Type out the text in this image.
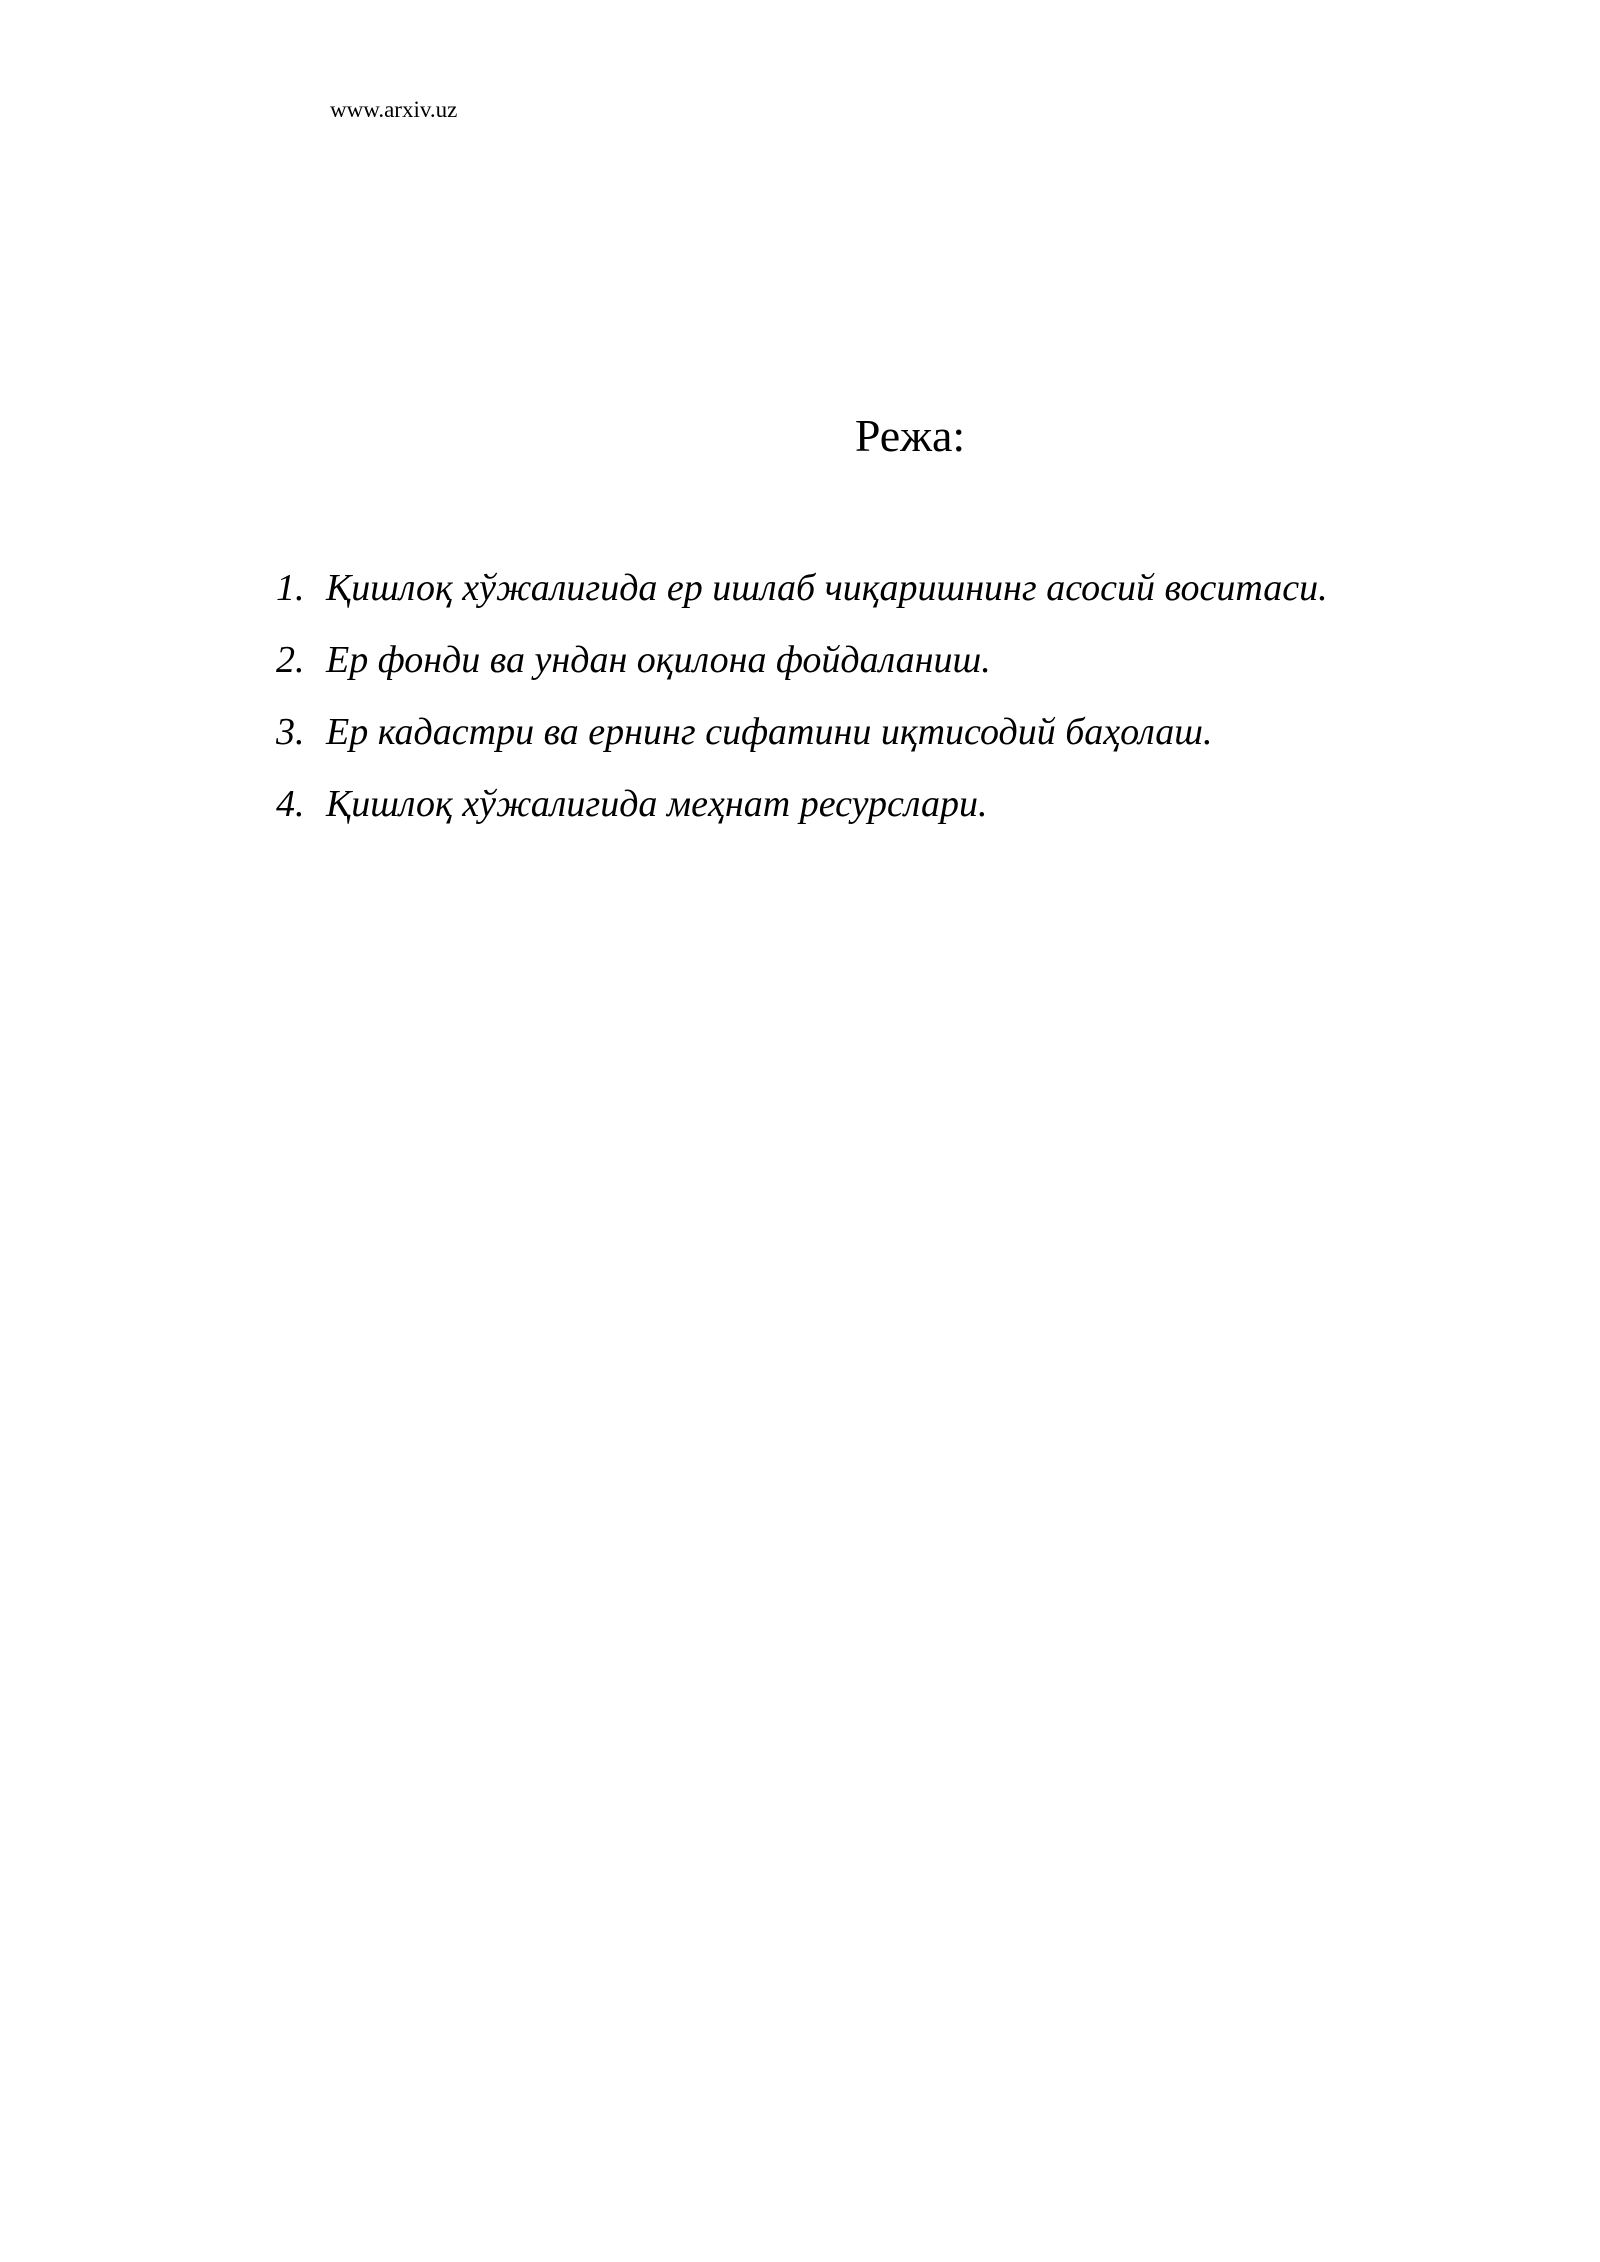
www.arxiv.uz
Режа:
1. Қишлоқ хўжалигида ер ишлаб чиқаришнинг асосий воситаси.
2. Ер фонди ва ундан оқилона фойдаланиш.
3. Ер кадастри ва ернинг сифатини иқтисодий баҳолаш.
4. Қишлоқ хўжалигида меҳнат ресурслари.
